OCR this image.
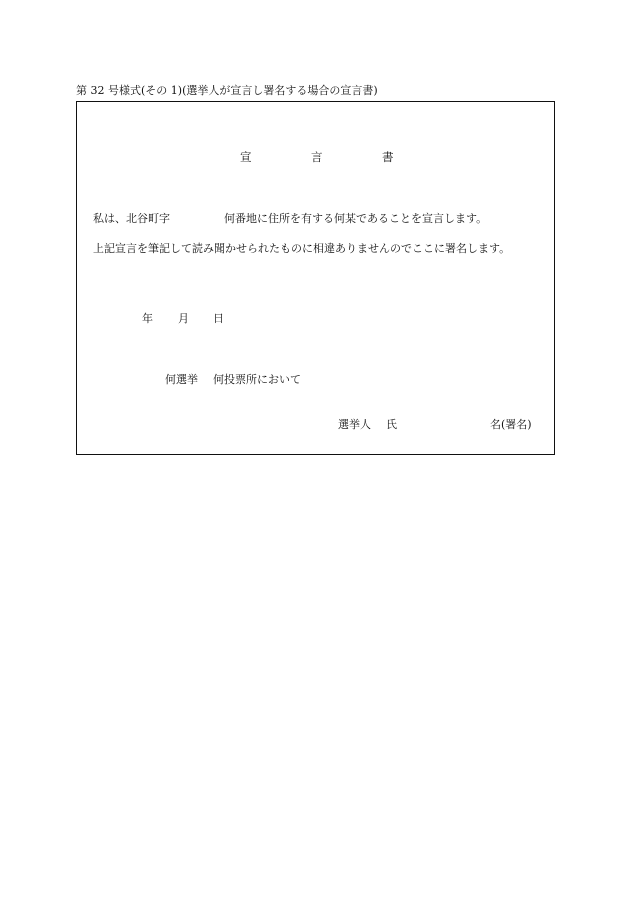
第 32 号様式(その 1)(選挙人が宣言し署名する場合の宣言書)
宣	言	書
私は、北谷町字	何番地に住所を有する何某であることを宣言します。
上記宣言を筆記して読み聞かせられたものに相違ありませんのでここに署名します。
年 月 日
何選挙 何投票所において
選挙人 氏	名(署名)
